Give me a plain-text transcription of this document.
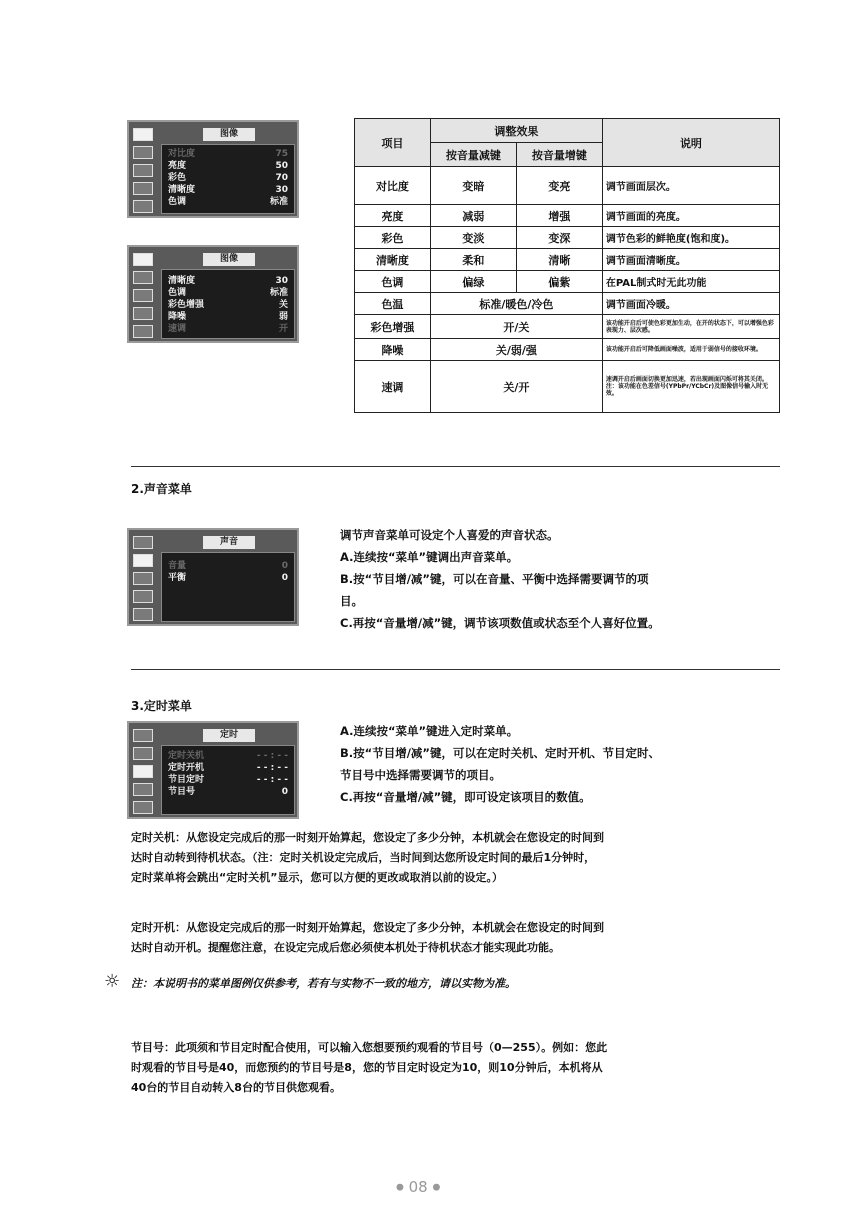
图像
对比度	75
亮度	50
彩色	70
清晰度	30
色调	标准
图像
清晰度	30
色调	标准
彩色增强	关
降噪	弱
速调	开
项目	调整效果		说明
	按音量减键	按音量增键	
对比度	变暗	变亮	调节画面层次。
亮度	减弱	增强	调节画面的亮度。
彩色	变淡	变深	调节色彩的鲜艳度(饱和度)。
清晰度	柔和	清晰	调节画面清晰度。
色调	偏绿	偏紫	在PAL制式时无此功能
色温	标准/暖色/冷色		调节画面冷暖。
彩色增强	开/关		该功能开启后可使色彩更加生动，在开的状态下，可以增强色彩表现力、层次感。
降噪	关/弱/强		该功能开启后可降低画面噪波，适用于弱信号的接收环境。
速调	关/开		速调开启后画面切换更加迅速，若出现画面闪烁可将其关闭。注：该功能在色差信号(YPbPr/YCbCr)及图像信号输入时无效。
2.声音菜单
声音
音量	0
平衡	0
调节声音菜单可设定个人喜爱的声音状态。
A.连续按“菜单”键调出声音菜单。
B.按“节目增/减”键，可以在音量、平衡中选择需要调节的项
目。
C.再按“音量增/减”键，调节该项数值或状态至个人喜好位置。
3.定时菜单
定时
定时关机	- - : - -
定时开机	- - : - -
节目定时	- - : - -
节目号	0
A.连续按“菜单”键进入定时菜单。
B.按“节目增/减”键，可以在定时关机、定时开机、节目定时、
节目号中选择需要调节的项目。
C.再按“音量增/减”键，即可设定该项目的数值。
定时关机：从您设定完成后的那一时刻开始算起，您设定了多少分钟，本机就会在您设定的时间到
达时自动转到待机状态。（注：定时关机设定完成后，当时间到达您所设定时间的最后1分钟时，
定时菜单将会跳出“定时关机”显示，您可以方便的更改或取消以前的设定。）
定时开机：从您设定完成后的那一时刻开始算起，您设定了多少分钟，本机就会在您设定的时间到
达时自动开机。提醒您注意，在设定完成后您必须使本机处于待机状态才能实现此功能。
☼ 注：本说明书的菜单图例仅供参考，若有与实物不一致的地方，请以实物为准。
节目号：此项须和节目定时配合使用，可以输入您想要预约观看的节目号（0—255）。例如：您此
时观看的节目号是40，而您预约的节目号是8，您的节目定时设定为10，则10分钟后，本机将从
40台的节目自动转入8台的节目供您观看。
● 08 ●
